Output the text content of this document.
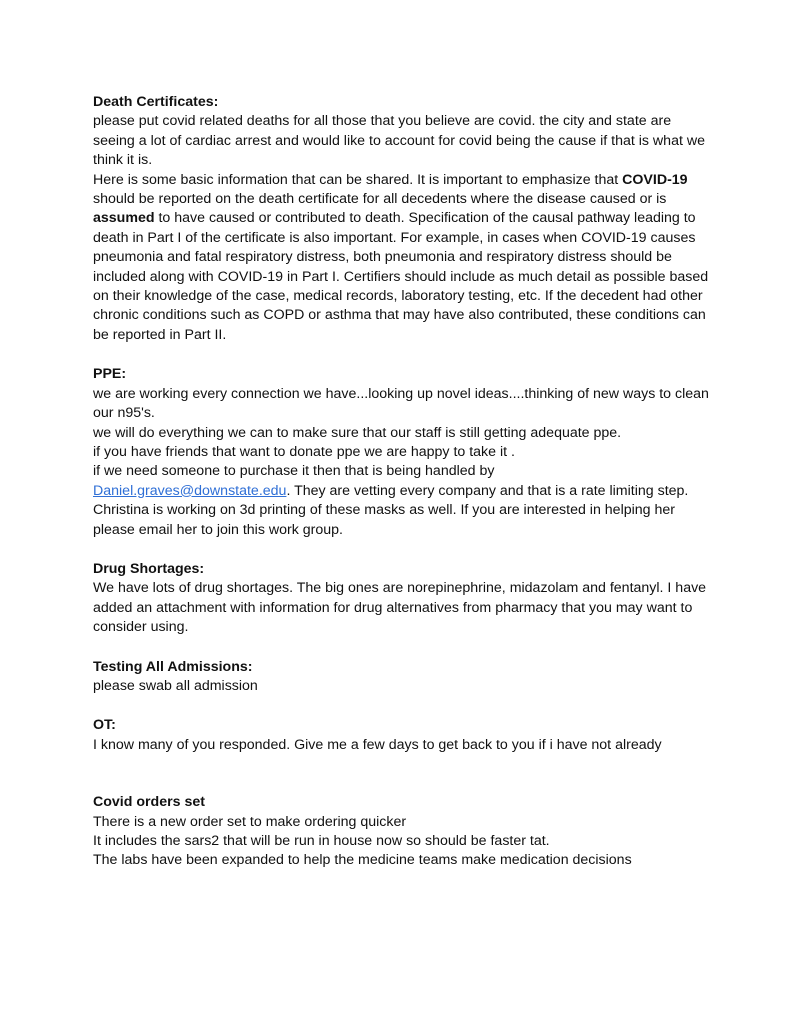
Death Certificates:
please put covid related deaths for all those that you believe are covid. the city and state are seeing a lot of cardiac arrest and would like to account for covid being the cause if that is what we think it is.
Here is some basic information that can be shared. It is important to emphasize that COVID-19 should be reported on the death certificate for all decedents where the disease caused or is assumed to have caused or contributed to death. Specification of the causal pathway leading to death in Part I of the certificate is also important. For example, in cases when COVID-19 causes pneumonia and fatal respiratory distress, both pneumonia and respiratory distress should be included along with COVID-19 in Part I. Certifiers should include as much detail as possible based on their knowledge of the case, medical records, laboratory testing, etc. If the decedent had other chronic conditions such as COPD or asthma that may have also contributed, these conditions can be reported in Part II.
PPE:
we are working every connection we have...looking up novel ideas....thinking of new ways to clean our n95's.
we will do everything we can to make sure that our staff is still getting adequate ppe.
if you have friends that want to donate ppe we are happy to take it .
if we need someone to purchase it then that is being handled by
Daniel.graves@downstate.edu. They are vetting every company and that is a rate limiting step.
Christina is working on 3d printing of these masks as well. If you are interested in helping her please email her to join this work group.
Drug Shortages:
We have lots of drug shortages. The big ones are norepinephrine, midazolam and fentanyl. I have added an attachment with information for drug alternatives from pharmacy that you may want to consider using.
Testing All Admissions:
please swab all admission
OT:
I know many of you responded. Give me a few days to get back to you if i have not already
Covid orders set
There is a new order set to make ordering quicker
It includes the sars2 that will be run in house now so should be faster tat.
The labs have been expanded to help the medicine teams make medication decisions
